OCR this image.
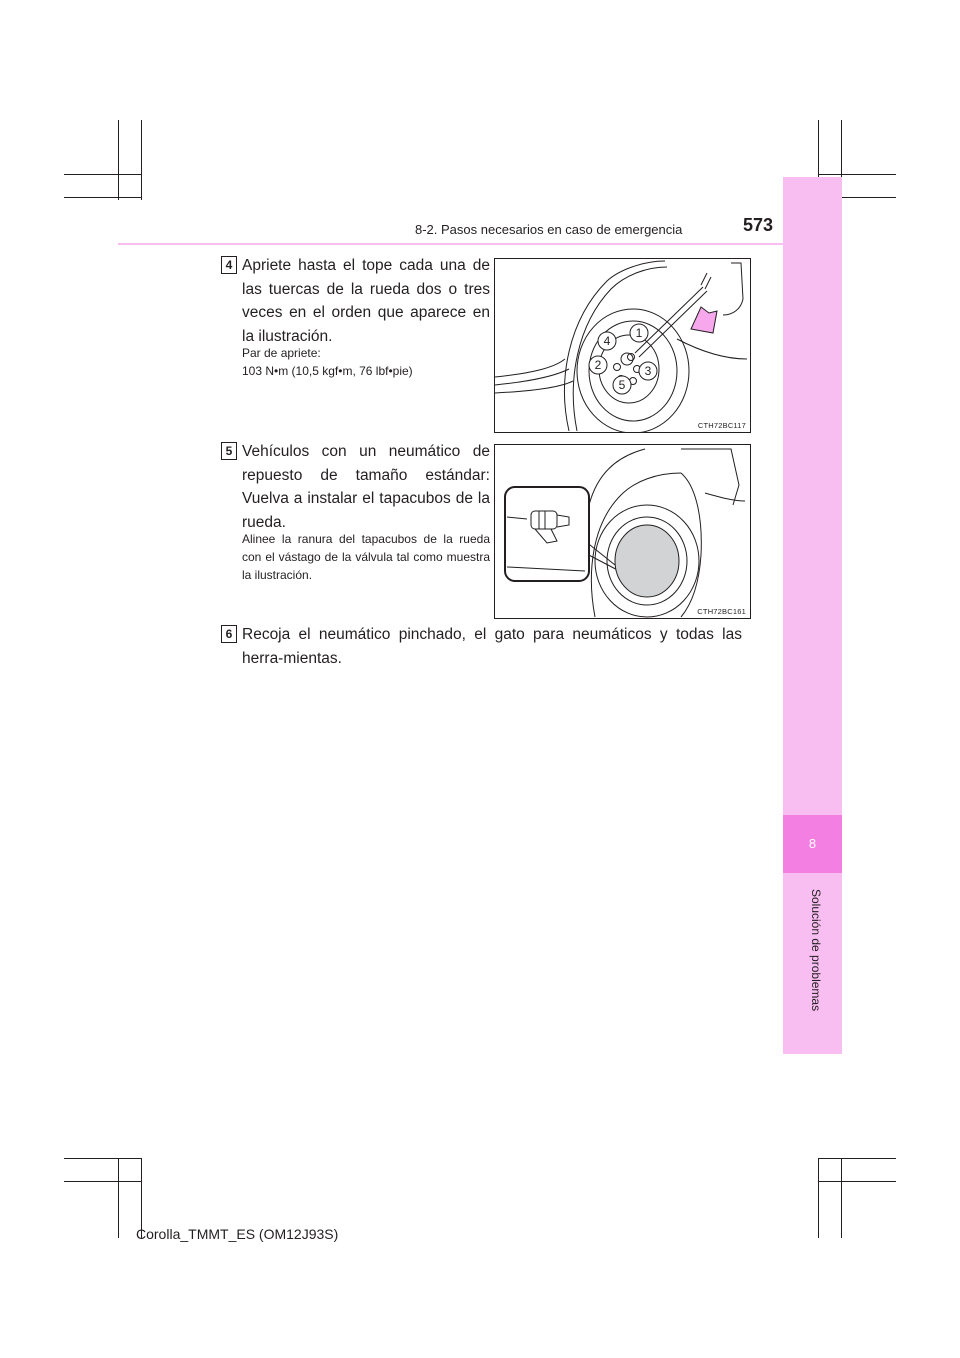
8
Solución de problemas
8-2. Pasos necesarios en caso de emergencia	573
4 Apriete hasta el tope cada una de las tuercas de la rueda dos o tres veces en el orden que aparece en la ilustración.
Par de apriete:
103 N•m (10,5 kgf•m, 76 lbf•pie)
1
4
2	3
5
CTH72BC117
5 Vehículos con un neumático de repuesto de tamaño estándar: Vuelva a instalar el tapacubos de la rueda.
Alinee la ranura del tapacubos de la rueda con el vástago de la válvula tal como muestra la ilustración.
CTH72BC161
6 Recoja el neumático pinchado, el gato para neumáticos y todas las herra-mientas.
Corolla_TMMT_ES (OM12J93S)
